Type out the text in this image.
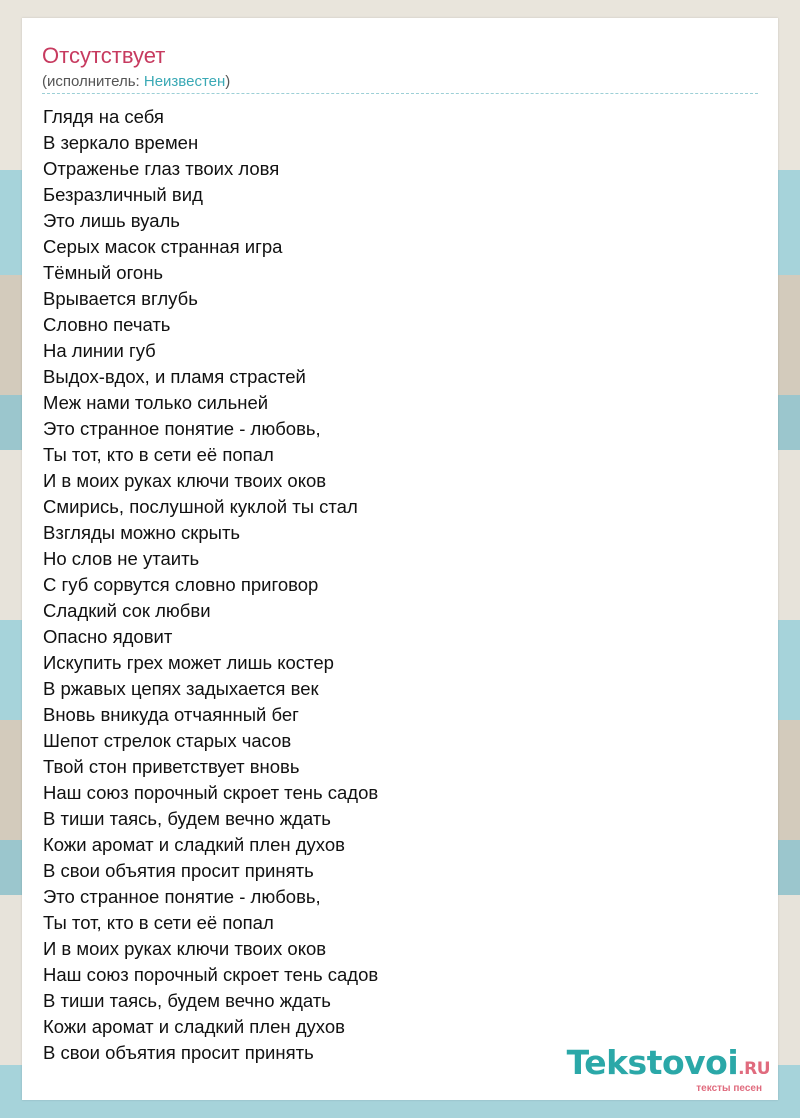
Отсутствует
(исполнитель: Неизвестен)
Глядя на себя
В зеркало времен
Отраженье глаз твоих ловя
Безразличный вид
Это лишь вуаль
Серых масок странная игра
Тёмный огонь
Врывается вглубь
Словно печать
На линии губ
Выдох-вдох, и пламя страстей
Меж нами только сильней
Это странное понятие - любовь,
Ты тот, кто в сети её попал
И в моих руках ключи твоих оков
Смирись, послушной куклой ты стал
Взгляды можно скрыть
Но слов не утаить
С губ сорвутся словно приговор
Сладкий сок любви
Опасно ядовит
Искупить грех может лишь костер
В ржавых цепях задыхается век
Вновь вникуда отчаянный бег
Шепот стрелок старых часов
Твой стон приветствует вновь
Наш союз порочный скроет тень садов
В тиши таясь, будем вечно ждать
Кожи аромат и сладкий плен духов
В свои объятия просит принять
Это странное понятие - любовь,
Ты тот, кто в сети её попал
И в моих руках ключи твоих оков
Наш союз порочный скроет тень садов
В тиши таясь, будем вечно ждать
Кожи аромат и сладкий плен духов
В свои объятия просит принять	Tekstovoi.RU
тексты песен
